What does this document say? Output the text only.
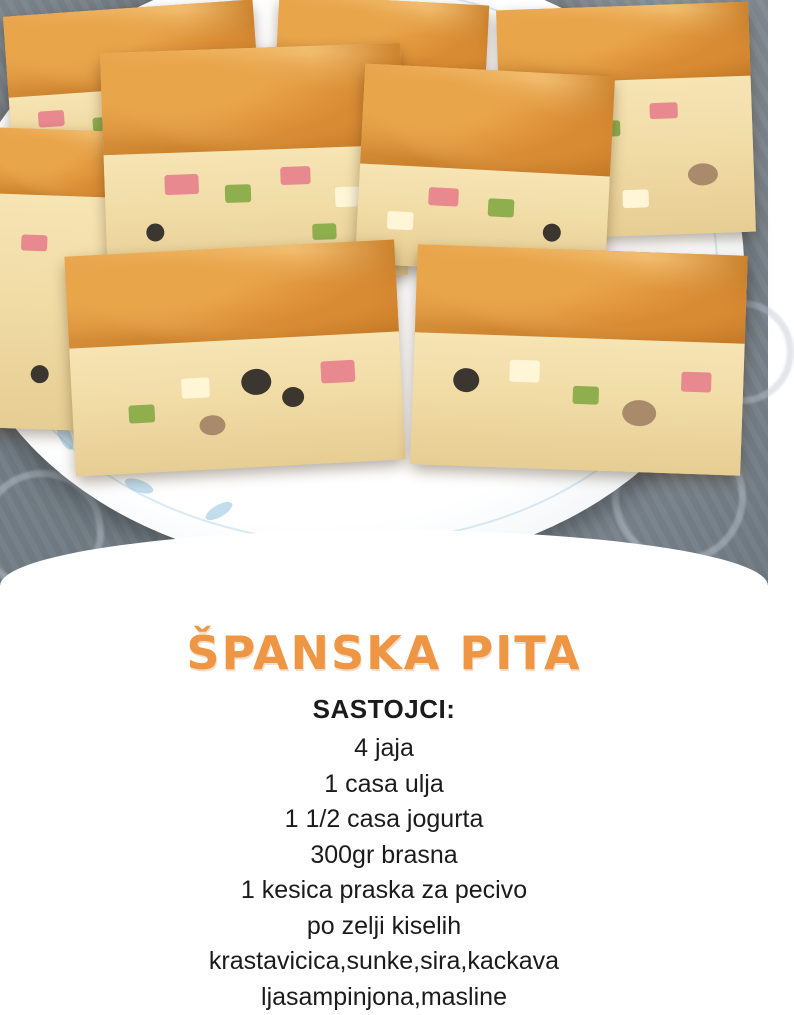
ŠPANSKA PITA
SASTOJCI:
4 jaja
1 casa ulja
1 1/2 casa jogurta
300gr brasna
1 kesica praska za pecivo
po zelji kiselih
krastavicica,sunke,sira,kackava
ljasampinjona,masline
